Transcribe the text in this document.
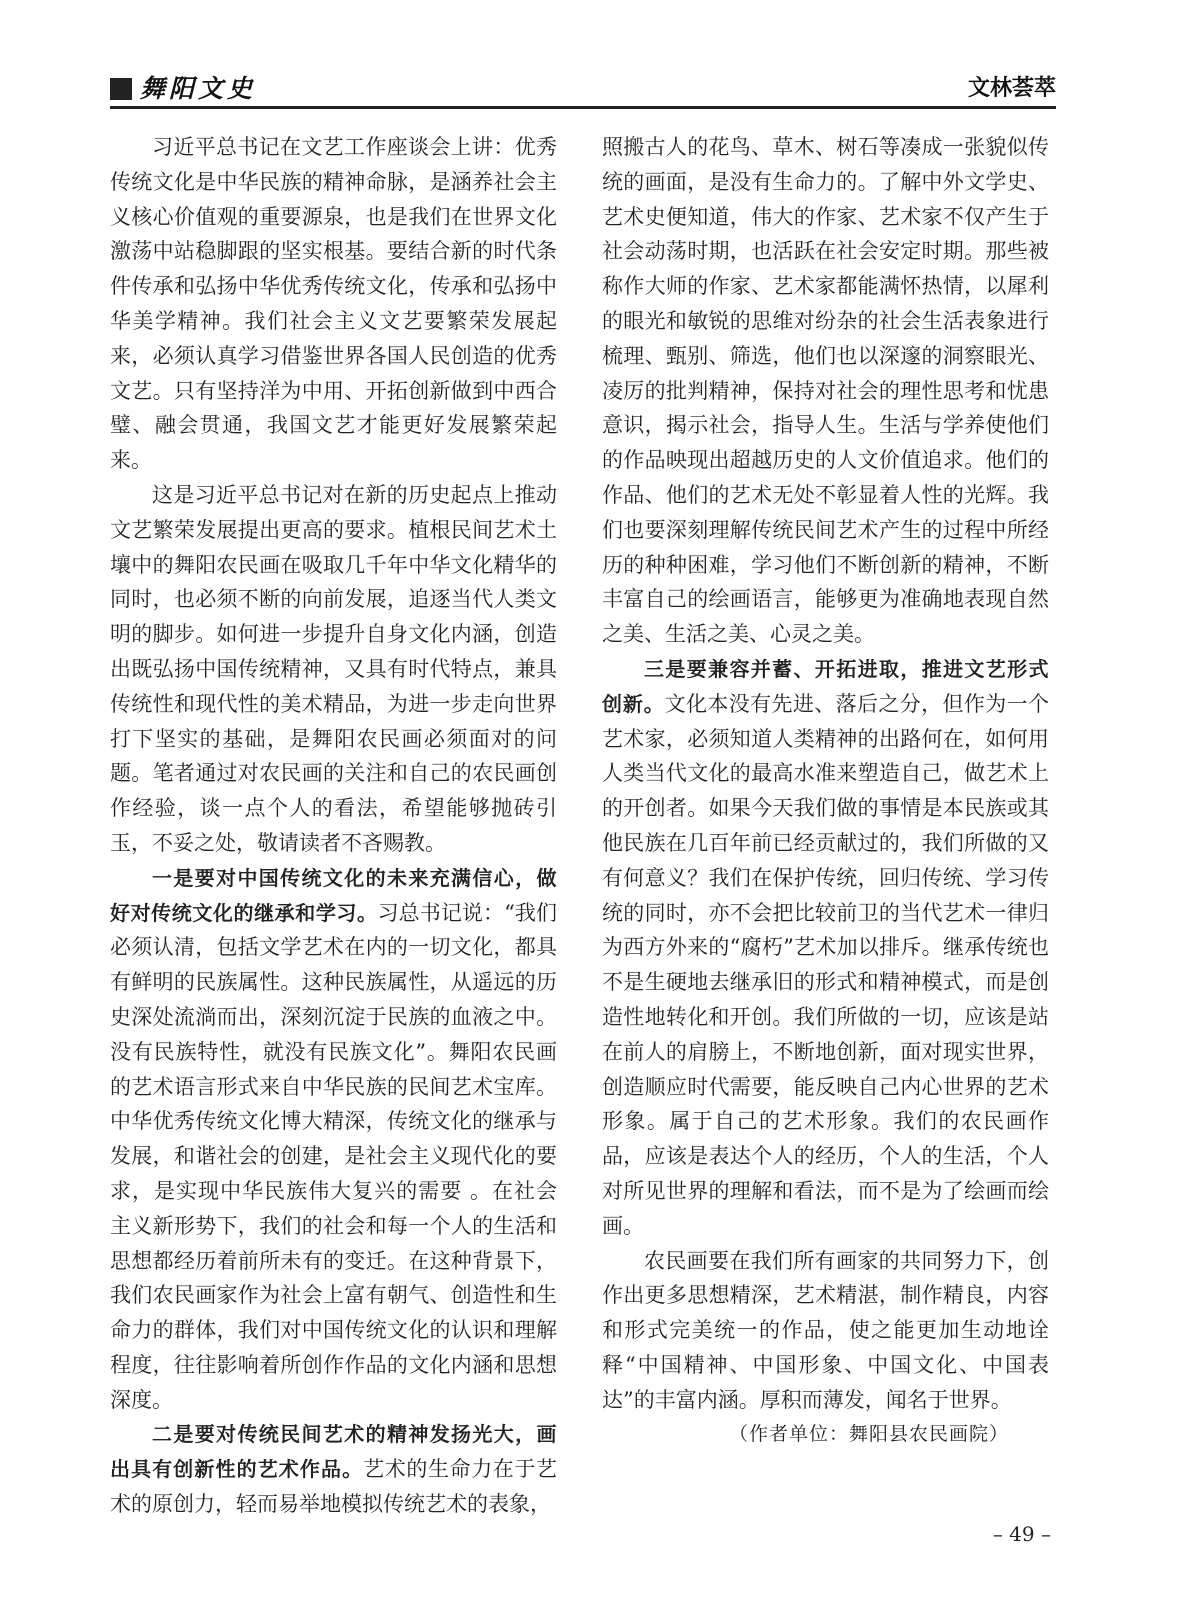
舞阳文史	文林荟萃

习近平总书记在文艺工作座谈会上讲：优秀传统文化是中华民族的精神命脉，是涵养社会主义核心价值观的重要源泉，也是我们在世界文化激荡中站稳脚跟的坚实根基。要结合新的时代条件传承和弘扬中华优秀传统文化，传承和弘扬中华美学精神。我们社会主义文艺要繁荣发展起来，必须认真学习借鉴世界各国人民创造的优秀文艺。只有坚持洋为中用、开拓创新做到中西合璧、融会贯通，我国文艺才能更好发展繁荣起来。

这是习近平总书记对在新的历史起点上推动文艺繁荣发展提出更高的要求。植根民间艺术土壤中的舞阳农民画在吸取几千年中华文化精华的同时，也必须不断的向前发展，追逐当代人类文明的脚步。如何进一步提升自身文化内涵，创造出既弘扬中国传统精神，又具有时代特点，兼具传统性和现代性的美术精品，为进一步走向世界打下坚实的基础，是舞阳农民画必须面对的问题。笔者通过对农民画的关注和自己的农民画创作经验，谈一点个人的看法，希望能够抛砖引玉，不妥之处，敬请读者不吝赐教。

一是要对中国传统文化的未来充满信心，做好对传统文化的继承和学习。习总书记说：“我们必须认清，包括文学艺术在内的一切文化，都具有鲜明的民族属性。这种民族属性，从遥远的历史深处流淌而出，深刻沉淀于民族的血液之中。没有民族特性，就没有民族文化”。舞阳农民画的艺术语言形式来自中华民族的民间艺术宝库。中华优秀传统文化博大精深，传统文化的继承与发展，和谐社会的创建，是社会主义现代化的要求，是实现中华民族伟大复兴的需要 。在社会主义新形势下，我们的社会和每一个人的生活和思想都经历着前所未有的变迁。在这种背景下，我们农民画家作为社会上富有朝气、创造性和生命力的群体，我们对中国传统文化的认识和理解程度，往往影响着所创作作品的文化内涵和思想深度。

二是要对传统民间艺术的精神发扬光大，画出具有创新性的艺术作品。艺术的生命力在于艺术的原创力，轻而易举地模拟传统艺术的表象，

照搬古人的花鸟、草木、树石等凑成一张貌似传统的画面，是没有生命力的。了解中外文学史、艺术史便知道，伟大的作家、艺术家不仅产生于社会动荡时期，也活跃在社会安定时期。那些被称作大师的作家、艺术家都能满怀热情，以犀利的眼光和敏锐的思维对纷杂的社会生活表象进行梳理、甄别、筛选，他们也以深邃的洞察眼光、凌厉的批判精神，保持对社会的理性思考和忧患意识，揭示社会，指导人生。生活与学养使他们的作品映现出超越历史的人文价值追求。他们的作品、他们的艺术无处不彰显着人性的光辉。我们也要深刻理解传统民间艺术产生的过程中所经历的种种困难，学习他们不断创新的精神，不断丰富自己的绘画语言，能够更为准确地表现自然之美、生活之美、心灵之美。

三是要兼容并蓄、开拓进取，推进文艺形式创新。文化本没有先进、落后之分，但作为一个艺术家，必须知道人类精神的出路何在，如何用人类当代文化的最高水准来塑造自己，做艺术上的开创者。如果今天我们做的事情是本民族或其他民族在几百年前已经贡献过的，我们所做的又有何意义？我们在保护传统，回归传统、学习传统的同时，亦不会把比较前卫的当代艺术一律归为西方外来的“腐朽”艺术加以排斥。继承传统也不是生硬地去继承旧的形式和精神模式，而是创造性地转化和开创。我们所做的一切，应该是站在前人的肩膀上，不断地创新，面对现实世界，创造顺应时代需要，能反映自己内心世界的艺术形象。属于自己的艺术形象。我们的农民画作品，应该是表达个人的经历，个人的生活，个人对所见世界的理解和看法，而不是为了绘画而绘画。

农民画要在我们所有画家的共同努力下，创作出更多思想精深，艺术精湛，制作精良，内容和形式完美统一的作品，使之能更加生动地诠释“中国精神、中国形象、中国文化、中国表达”的丰富内涵。厚积而薄发，闻名于世界。

（作者单位：舞阳县农民画院）

– 49 –
